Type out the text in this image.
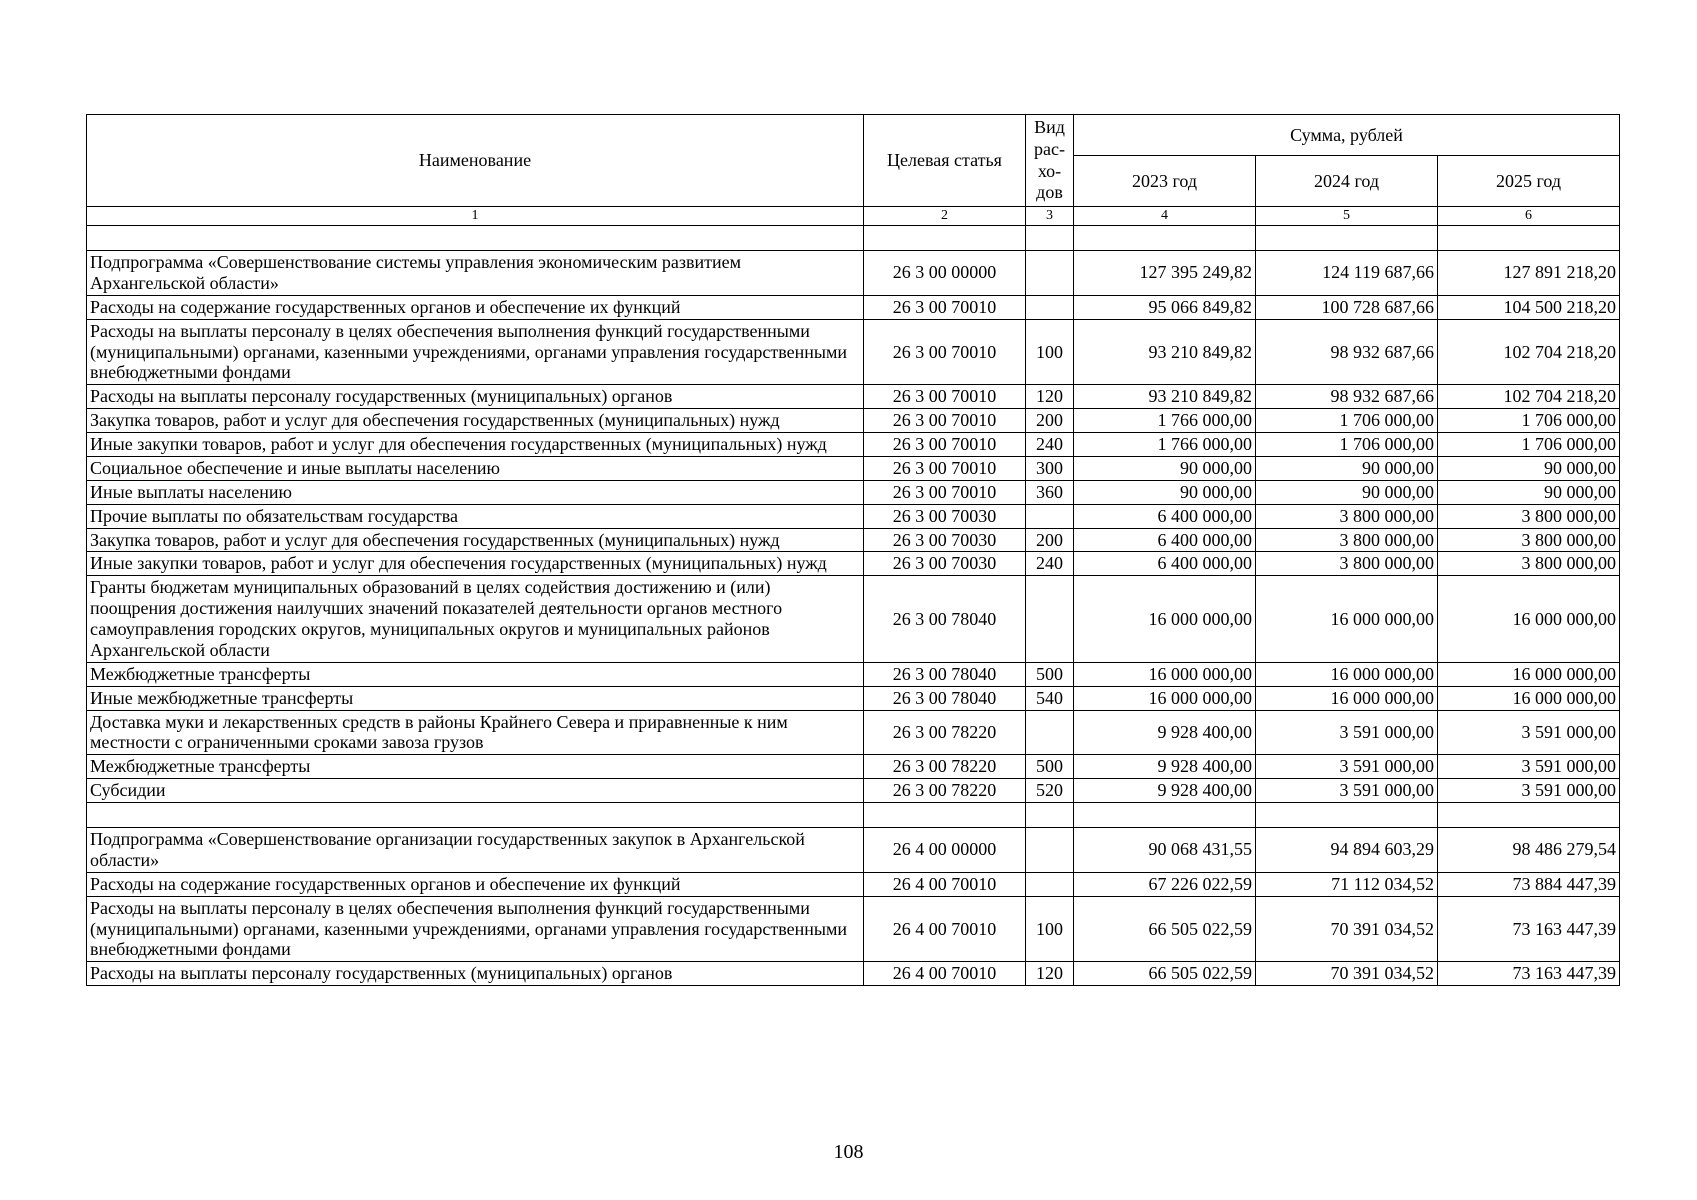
Наименование	Целевая статья	Вид рас- хо- дов	Сумма, рублей		
			2023 год	2024 год	2025 год
1	2	3	4	5	6

Подпрограмма «Совершенствование системы управления экономическим развитием Архангельской области»	26 3 00 00000		127 395 249,82	124 119 687,66	127 891 218,20
Расходы на содержание государственных органов и обеспечение их функций	26 3 00 70010		95 066 849,82	100 728 687,66	104 500 218,20
Расходы на выплаты персоналу в целях обеспечения выполнения функций государственными (муниципальными) органами, казенными учреждениями, органами управления государственными внебюджетными фондами	26 3 00 70010	100	93 210 849,82	98 932 687,66	102 704 218,20
Расходы на выплаты персоналу государственных (муниципальных) органов	26 3 00 70010	120	93 210 849,82	98 932 687,66	102 704 218,20
Закупка товаров, работ и услуг для обеспечения государственных (муниципальных) нужд	26 3 00 70010	200	1 766 000,00	1 706 000,00	1 706 000,00
Иные закупки товаров, работ и услуг для обеспечения государственных (муниципальных) нужд	26 3 00 70010	240	1 766 000,00	1 706 000,00	1 706 000,00
Социальное обеспечение и иные выплаты населению	26 3 00 70010	300	90 000,00	90 000,00	90 000,00
Иные выплаты населению	26 3 00 70010	360	90 000,00	90 000,00	90 000,00
Прочие выплаты по обязательствам государства	26 3 00 70030		6 400 000,00	3 800 000,00	3 800 000,00
Закупка товаров, работ и услуг для обеспечения государственных (муниципальных) нужд	26 3 00 70030	200	6 400 000,00	3 800 000,00	3 800 000,00
Иные закупки товаров, работ и услуг для обеспечения государственных (муниципальных) нужд	26 3 00 70030	240	6 400 000,00	3 800 000,00	3 800 000,00
Гранты бюджетам муниципальных образований в целях содействия достижению и (или) поощрения достижения наилучших значений показателей деятельности органов местного самоуправления городских округов, муниципальных округов и муниципальных районов Архангельской области	26 3 00 78040		16 000 000,00	16 000 000,00	16 000 000,00
Межбюджетные трансферты	26 3 00 78040	500	16 000 000,00	16 000 000,00	16 000 000,00
Иные межбюджетные трансферты	26 3 00 78040	540	16 000 000,00	16 000 000,00	16 000 000,00
Доставка муки и лекарственных средств в районы Крайнего Севера и приравненные к ним местности с ограниченными сроками завоза грузов	26 3 00 78220		9 928 400,00	3 591 000,00	3 591 000,00
Межбюджетные трансферты	26 3 00 78220	500	9 928 400,00	3 591 000,00	3 591 000,00
Субсидии	26 3 00 78220	520	9 928 400,00	3 591 000,00	3 591 000,00

Подпрограмма «Совершенствование организации государственных закупок в Архангельской области»	26 4 00 00000		90 068 431,55	94 894 603,29	98 486 279,54
Расходы на содержание государственных органов и обеспечение их функций	26 4 00 70010		67 226 022,59	71 112 034,52	73 884 447,39
Расходы на выплаты персоналу в целях обеспечения выполнения функций государственными (муниципальными) органами, казенными учреждениями, органами управления государственными внебюджетными фондами	26 4 00 70010	100	66 505 022,59	70 391 034,52	73 163 447,39
Расходы на выплаты персоналу государственных (муниципальных) органов	26 4 00 70010	120	66 505 022,59	70 391 034,52	73 163 447,39
108
